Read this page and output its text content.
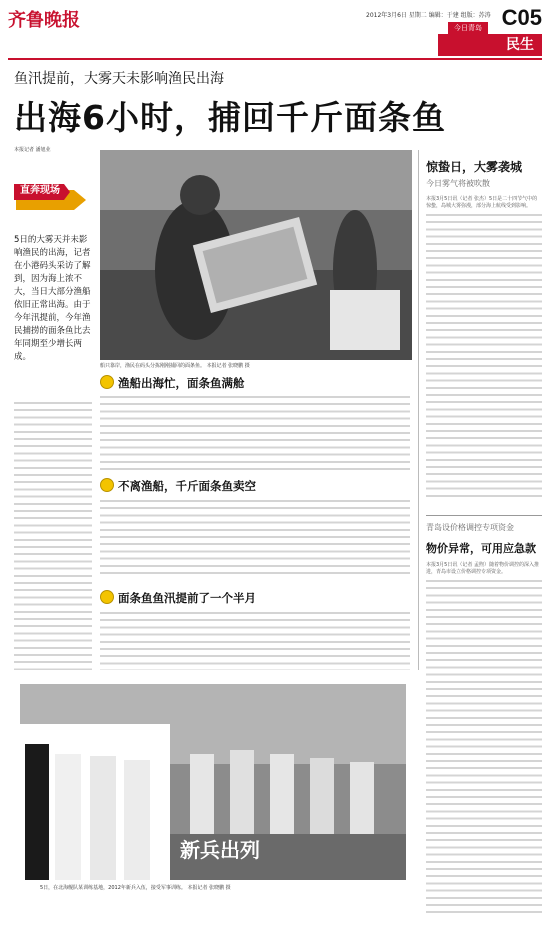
齐鲁晚报	2012年3月6日 星期二 编辑：于建 组版：苏涛 C05
今日青岛
民生
鱼汛提前，大雾天未影响渔民出海
出海6小时，捕回千斤面条鱼
本报记者 潘旭业
直奔现场
5日的大雾天并未影响渔民的出海，记者在小港码头采访了解到，因为海上浓不大，当日大部分渔船依旧正常出海。由于今年汛提前，今年渔民捕捞的面条鱼比去年同期至少增长两成。
船只靠岸，渔民在码头分拣刚刚捕回的面条鱼。 本报记者 张晓鹏 摄
渔船出海忙，面条鱼满舱
不离渔船，千斤面条鱼卖空
面条鱼鱼汛提前了一个半月
惊蛰日，大雾袭城
今日雾气将被吹散
本报3月5日讯（记者 张杰）5日是二十四节气中的惊蛰，岛城大雾弥漫，部分海上航线受到影响。
青岛设价格调控专项资金
物价异常，可用应急款
本报3月5日讯（记者 孟煦）随着物价调控的深入推进，青岛市设立价格调控专项资金。
新兵出列
5日，在北海舰队某训练基地，2012年新兵入伍，接受军事训练。 本报记者 张晓鹏 摄
